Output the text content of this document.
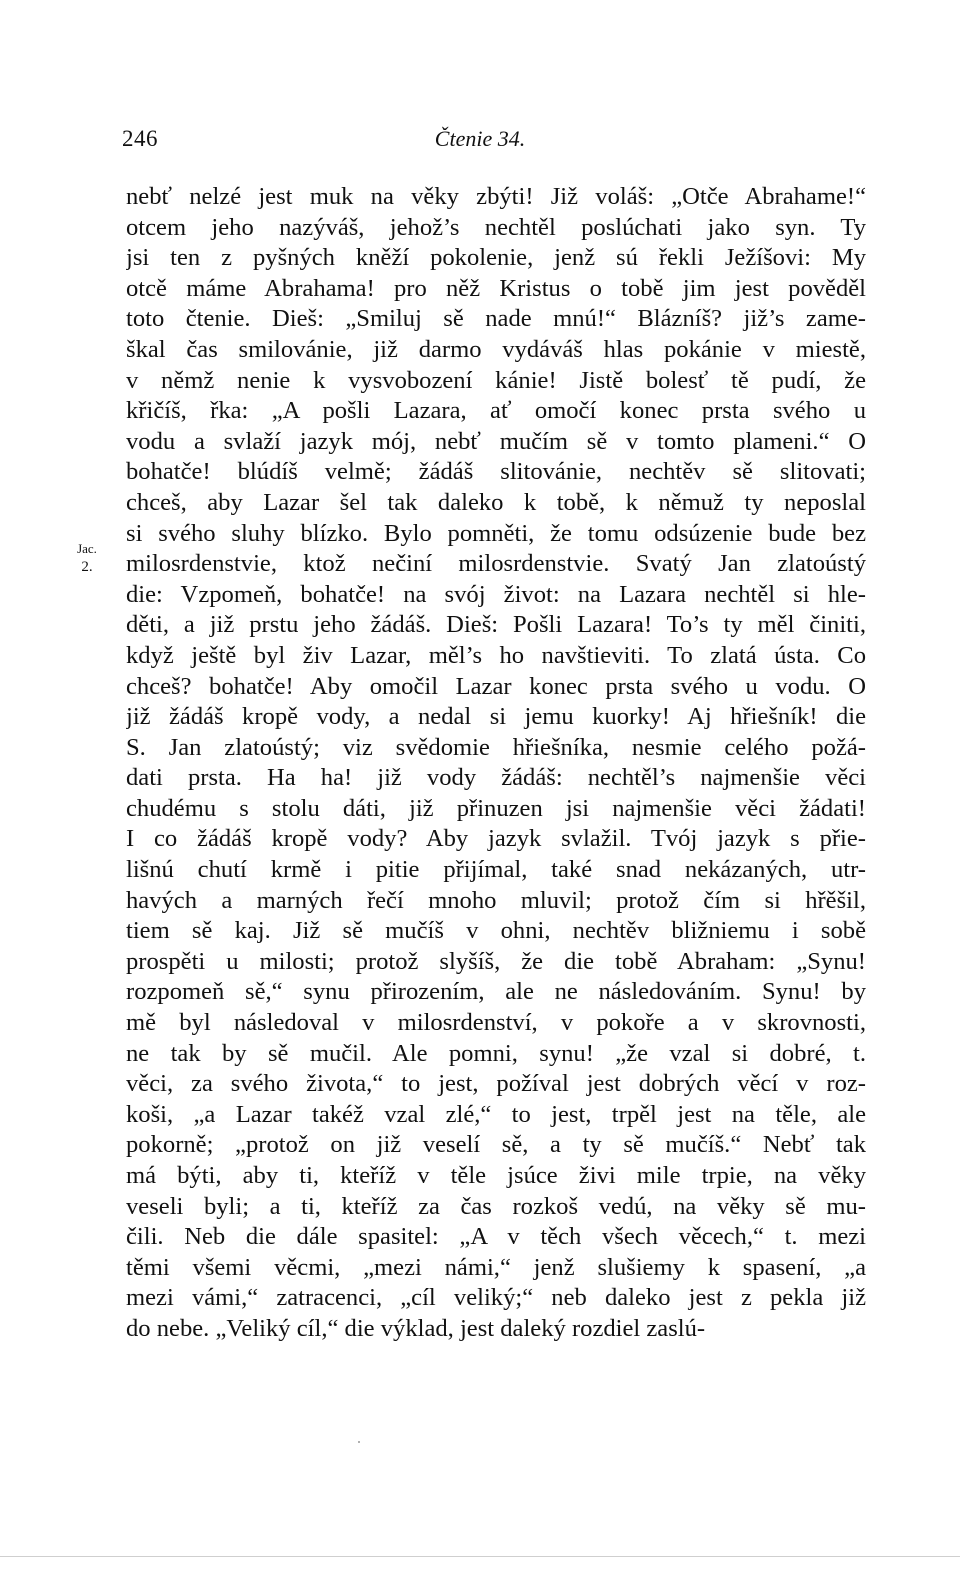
246	Čtenie 34.
Jac.
2.
nebť nelzé jest muk na věky zbýti! Již voláš: „Otče Abrahame!“
otcem jeho nazýváš, jehož’s nechtěl poslúchati jako syn. Ty
jsi ten z pyšných kněží pokolenie, jenž sú řekli Ježíšovi: My
otcě máme Abrahama! pro něž Kristus o tobě jim jest pověděl
toto čtenie. Dieš: „Smiluj sě nade mnú!“ Blázníš? již’s zame-
škal čas smilovánie, již darmo vydáváš hlas pokánie v miestě,
v němž nenie k vysvobození kánie! Jistě bolesť tě pudí, že
křičíš, řka: „A pošli Lazara, ať omočí konec prsta svého u
vodu a svlaží jazyk mój, nebť mučím sě v tomto plameni.“ O
bohatče! blúdíš velmě; žádáš slitovánie, nechtěv sě slitovati;
chceš, aby Lazar šel tak daleko k tobě, k němuž ty neposlal
si svého sluhy blízko. Bylo pomněti, že tomu odsúzenie bude bez
milosrdenstvie, ktož nečiní milosrdenstvie. Svatý Jan zlatoústý
die: Vzpomeň, bohatče! na svój život: na Lazara nechtěl si hle-
děti, a již prstu jeho žádáš. Dieš: Pošli Lazara! To’s ty měl činiti,
když ještě byl živ Lazar, měl’s ho navštieviti. To zlatá ústa. Co
chceš? bohatče! Aby omočil Lazar konec prsta svého u vodu. O
již žádáš kropě vody, a nedal si jemu kuorky! Aj hřiešník! die
S. Jan zlatoústý; viz svědomie hřiešníka, nesmie celého požá-
dati prsta. Ha ha! již vody žádáš: nechtěl’s najmenšie věci
chudému s stolu dáti, již přinuzen jsi najmenšie věci žádati!
I co žádáš kropě vody? Aby jazyk svlažil. Tvój jazyk s přie-
lišnú chutí krmě i pitie přijímal, také snad nekázaných, utr-
havých a marných řečí mnoho mluvil; protož čím si hřěšil,
tiem sě kaj. Již sě mučíš v ohni, nechtěv bližniemu i sobě
prospěti u milosti; protož slyšíš, že die tobě Abraham: „Synu!
rozpomeň sě,“ synu přirozením, ale ne následováním. Synu! by
mě byl následoval v milosrdenství, v pokoře a v skrovnosti,
ne tak by sě mučil. Ale pomni, synu! „že vzal si dobré, t.
věci, za svého života,“ to jest, požíval jest dobrých věcí v roz-
koši, „a Lazar takéž vzal zlé,“ to jest, trpěl jest na těle, ale
pokorně; „protož on již veselí sě, a ty sě mučíš.“ Nebť tak
má býti, aby ti, kteříž v těle jsúce živi mile trpie, na věky
veseli byli; a ti, kteříž za čas rozkoš vedú, na věky sě mu-
čili. Neb die dále spasitel: „A v těch všech věcech,“ t. mezi
těmi všemi věcmi, „mezi námi,“ jenž slušiemy k spasení, „a
mezi vámi,“ zatracenci, „cíl veliký;“ neb daleko jest z pekla již
do nebe. „Veliký cíl,“ die výklad, jest daleký rozdiel zaslú-
